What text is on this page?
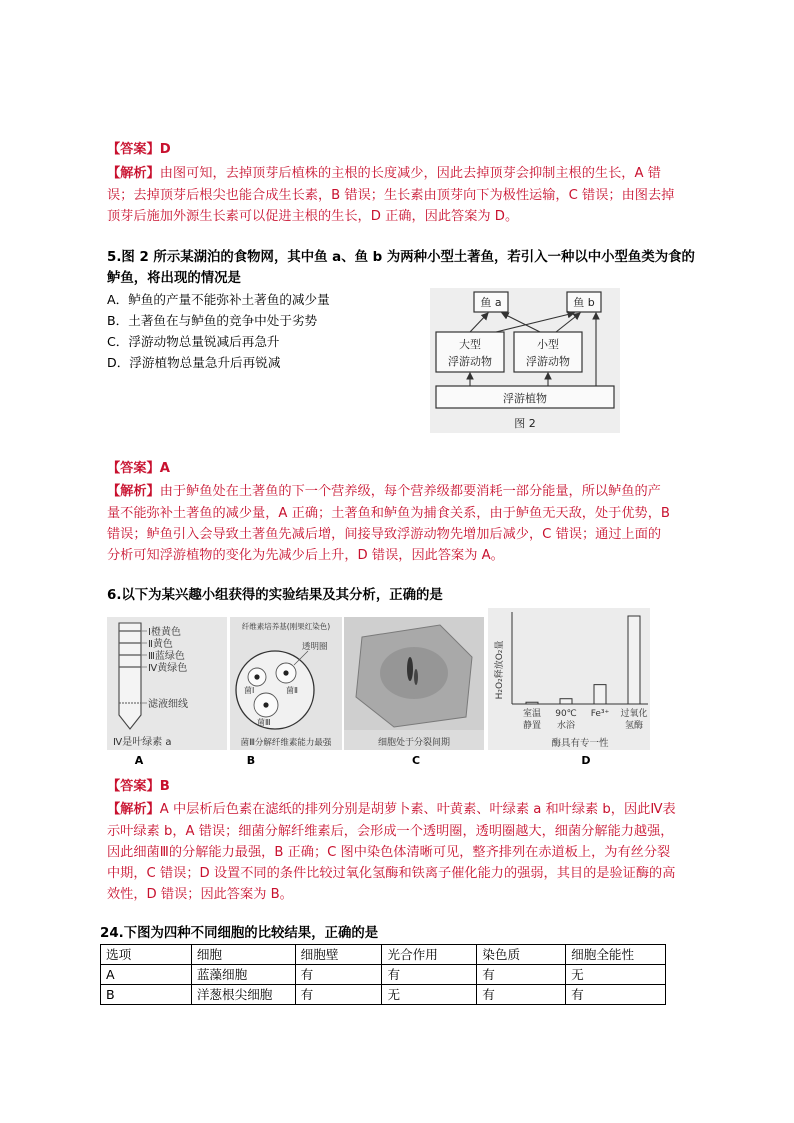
【答案】D
【解析】由图可知，去掉顶芽后植株的主根的长度减少，因此去掉顶芽会抑制主根的生长，A 错
误；去掉顶芽后根尖也能合成生长素，B 错误；生长素由顶芽向下为极性运输，C 错误；由图去掉
顶芽后施加外源生长素可以促进主根的生长，D 正确，因此答案为 D。
5.图 2 所示某湖泊的食物网，其中鱼 a、鱼 b 为两种小型土著鱼，若引入一种以中小型鱼类为食的
鲈鱼，将出现的情况是
A．鲈鱼的产量不能弥补土著鱼的减少量
B．土著鱼在与鲈鱼的竞争中处于劣势
C．浮游动物总量锐减后再急升
D．浮游植物总量急升后再锐减
鱼 a	鱼 b
大型
浮游动物
小型
浮游动物
浮游植物
图 2
【答案】A
【解析】由于鲈鱼处在土著鱼的下一个营养级，每个营养级都要消耗一部分能量，所以鲈鱼的产
量不能弥补土著鱼的减少量，A 正确；土著鱼和鲈鱼为捕食关系，由于鲈鱼无天敌，处于优势，B
错误；鲈鱼引入会导致土著鱼先减后增，间接导致浮游动物先增加后减少，C 错误；通过上面的
分析可知浮游植物的变化为先减少后上升，D 错误，因此答案为 A。
6.以下为某兴趣小组获得的实验结果及其分析，正确的是
Ⅰ橙黄色
Ⅱ黄色
Ⅲ蓝绿色
Ⅳ黄绿色
滤液细线
Ⅳ是叶绿素 a
纤维素培养基(刚果红染色)
透明圈
菌Ⅰ	菌Ⅱ
菌Ⅲ
菌Ⅲ分解纤维素能力最强	细胞处于分裂间期
H₂O₂释放O₂量
室温
静置
90℃
水浴
Fe³⁺ 过氧化
氢酶
酶具有专一性
A	B	C	D
【答案】B
【解析】A 中层析后色素在滤纸的排列分别是胡萝卜素、叶黄素、叶绿素 a 和叶绿素 b，因此Ⅳ表
示叶绿素 b，A 错误；细菌分解纤维素后，会形成一个透明圈，透明圈越大，细菌分解能力越强，
因此细菌Ⅲ的分解能力最强，B 正确；C 图中染色体清晰可见，整齐排列在赤道板上，为有丝分裂
中期，C 错误；D 设置不同的条件比较过氧化氢酶和铁离子催化能力的强弱，其目的是验证酶的高
效性，D 错误；因此答案为 B。
24.下图为四种不同细胞的比较结果，正确的是
选项	细胞	细胞壁	光合作用	染色质	细胞全能性
A	蓝藻细胞	有	有	有	无
B	洋葱根尖细胞	有	无	有	有
